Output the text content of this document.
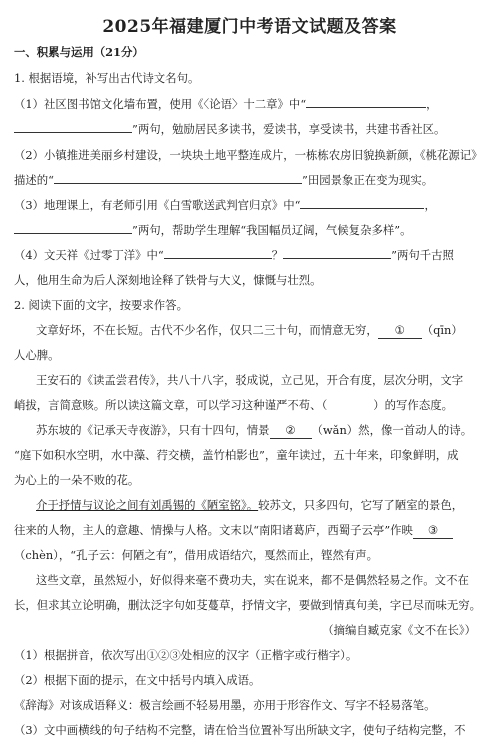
2025年福建厦门中考语文试题及答案
一、积累与运用（21分）
1. 根据语境，补写出古代诗文名句。
（1）社区图书馆文化墙布置，使用《〈论语〉十二章》中“	，
”两句，勉励居民多读书，爱读书，享受读书，共建书香社区。
（2）小镇推进美丽乡村建设，一块块土地平整连成片，一栋栋农房旧貌换新颜，《桃花源记》
描述的“	”田园景象正在变为现实。
（3）地理课上，有老师引用《白雪歌送武判官归京》中“	，
”两句，帮助学生理解“我国幅员辽阔，气候复杂多样”。
（4）文天祥《过零丁洋》中“	？	”两句千古照
人，他用生命为后人深刻地诠释了铁骨与大义，慷慨与壮烈。
2. 阅读下面的文字，按要求作答。
文章好坏，不在长短。古代不少名作，仅只二三十句，而情意无穷， ① （qīn）
人心脾。
王安石的《读孟尝君传》，共八十八字，驳成说，立己见，开合有度，层次分明，文字
峭拔，言简意赅。所以读这篇文章，可以学习这种谨严不苟、（	）的写作态度。
苏东坡的《记承天寺夜游》，只有十四句，情景 ② （wǎn）然，像一首动人的诗。
“庭下如积水空明，水中藻、荇交横，盖竹柏影也”，童年读过，五十年来，印象鲜明，成
为心上的一朵不败的花。
介于抒情与议论之间有刘禹锡的《陋室铭》。较苏文，只多四句，它写了陋室的景色，
往来的人物，主人的意趣、情操与人格。文末以“南阳诸葛庐，西蜀子云亭”作映 ③
（chèn），“孔子云：何陋之有”，借用成语结穴，戛然而止，铿然有声。
这些文章，虽然短小，好似得来毫不费功夫，实在说来，都不是偶然轻易之作。文不在
长，但求其立论明确，删汰泛字句如芟蔓草，抒情文字，要做到情真句美，字已尽而味无穷。
（摘编自臧克家《文不在长》）
（1）根据拼音，依次写出①②③处相应的汉字（正楷字或行楷字）。
（2）根据下面的提示，在文中括号内填入成语。
《辞海》对该成语释义：极言绘画不轻易用墨，亦用于形容作文、写字不轻易落笔。
（3）文中画横线的句子结构不完整，请在恰当位置补写出所缺文字，使句子结构完整，不
